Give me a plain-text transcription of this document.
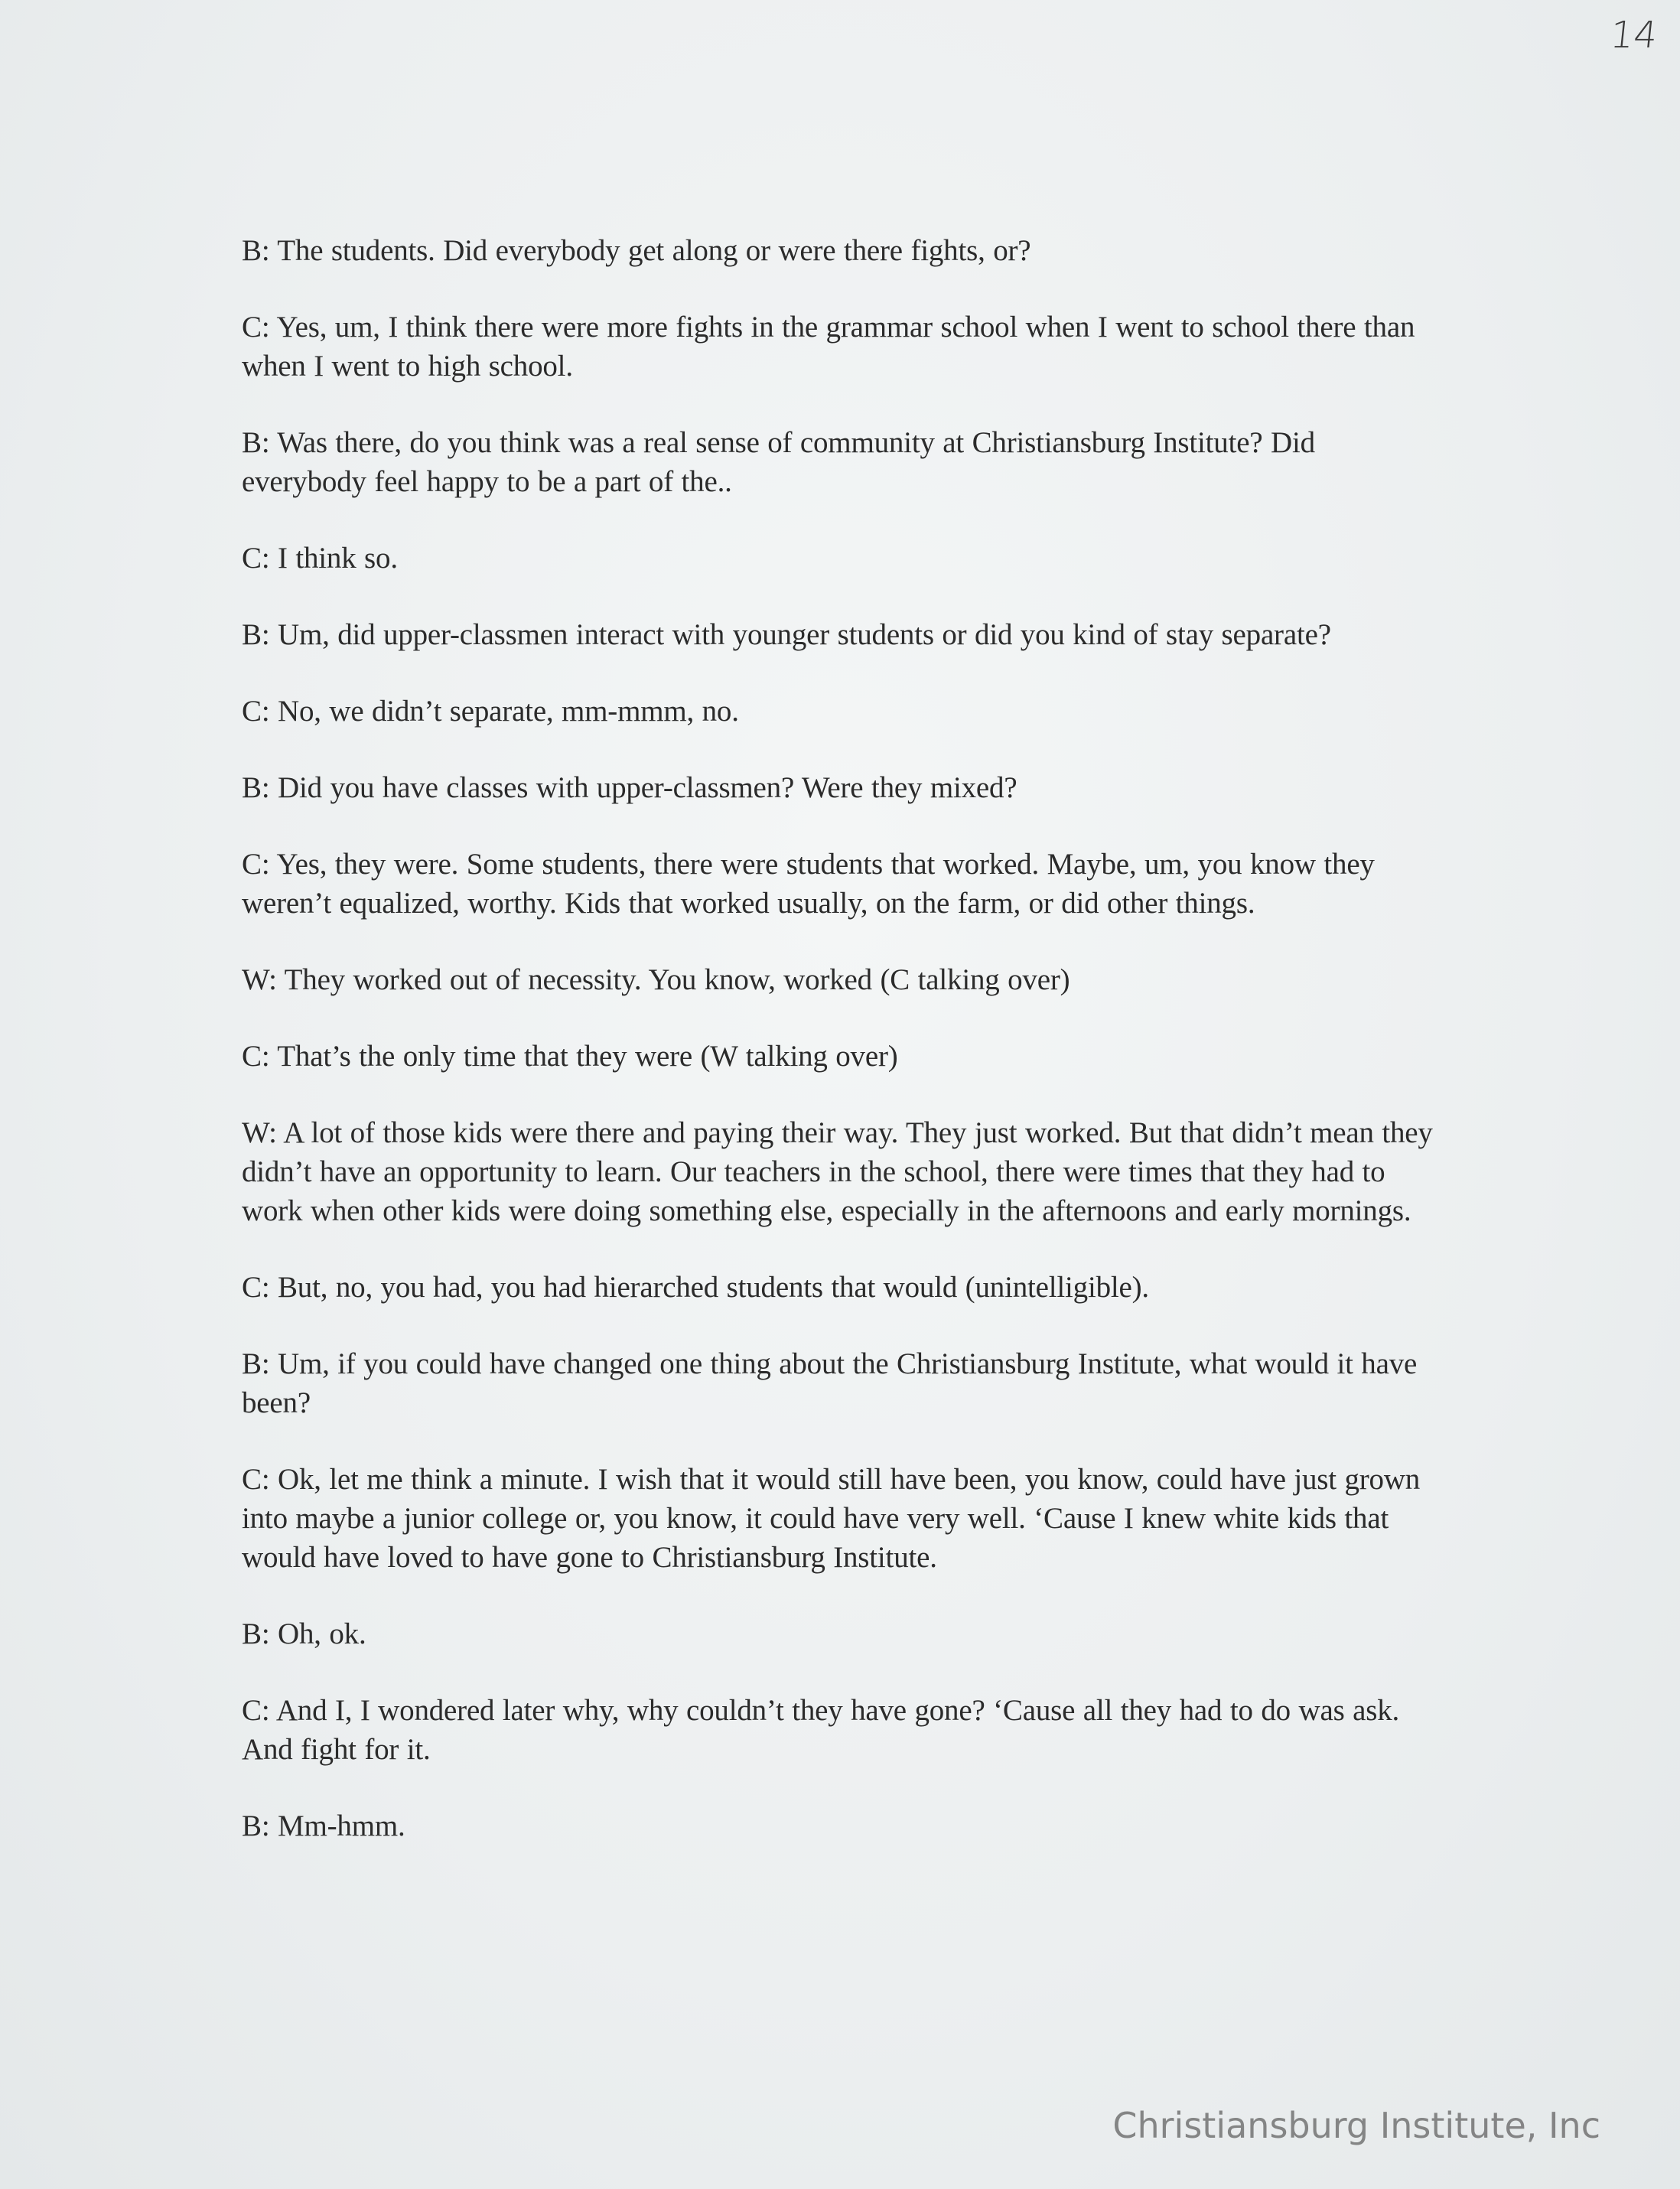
14

B: The students. Did everybody get along or were there fights, or?

C: Yes, um, I think there were more fights in the grammar school when I went to school there than when I went to high school.

B: Was there, do you think was a real sense of community at Christiansburg Institute? Did everybody feel happy to be a part of the..

C: I think so.

B: Um, did upper-classmen interact with younger students or did you kind of stay separate?

C: No, we didn’t separate, mm-mmm, no.

B: Did you have classes with upper-classmen? Were they mixed?

C: Yes, they were. Some students, there were students that worked. Maybe, um, you know they weren’t equalized, worthy. Kids that worked usually, on the farm, or did other things.

W: They worked out of necessity. You know, worked (C talking over)

C: That’s the only time that they were (W talking over)

W: A lot of those kids were there and paying their way. They just worked. But that didn’t mean they didn’t have an opportunity to learn. Our teachers in the school, there were times that they had to work when other kids were doing something else, especially in the afternoons and early mornings.

C: But, no, you had, you had hierarched students that would (unintelligible).

B: Um, if you could have changed one thing about the Christiansburg Institute, what would it have been?

C: Ok, let me think a minute. I wish that it would still have been, you know, could have just grown into maybe a junior college or, you know, it could have very well. ‘Cause I knew white kids that would have loved to have gone to Christiansburg Institute.

B: Oh, ok.

C: And I, I wondered later why, why couldn’t they have gone? ‘Cause all they had to do was ask. And fight for it.

B: Mm-hmm.

Christiansburg Institute, Inc
